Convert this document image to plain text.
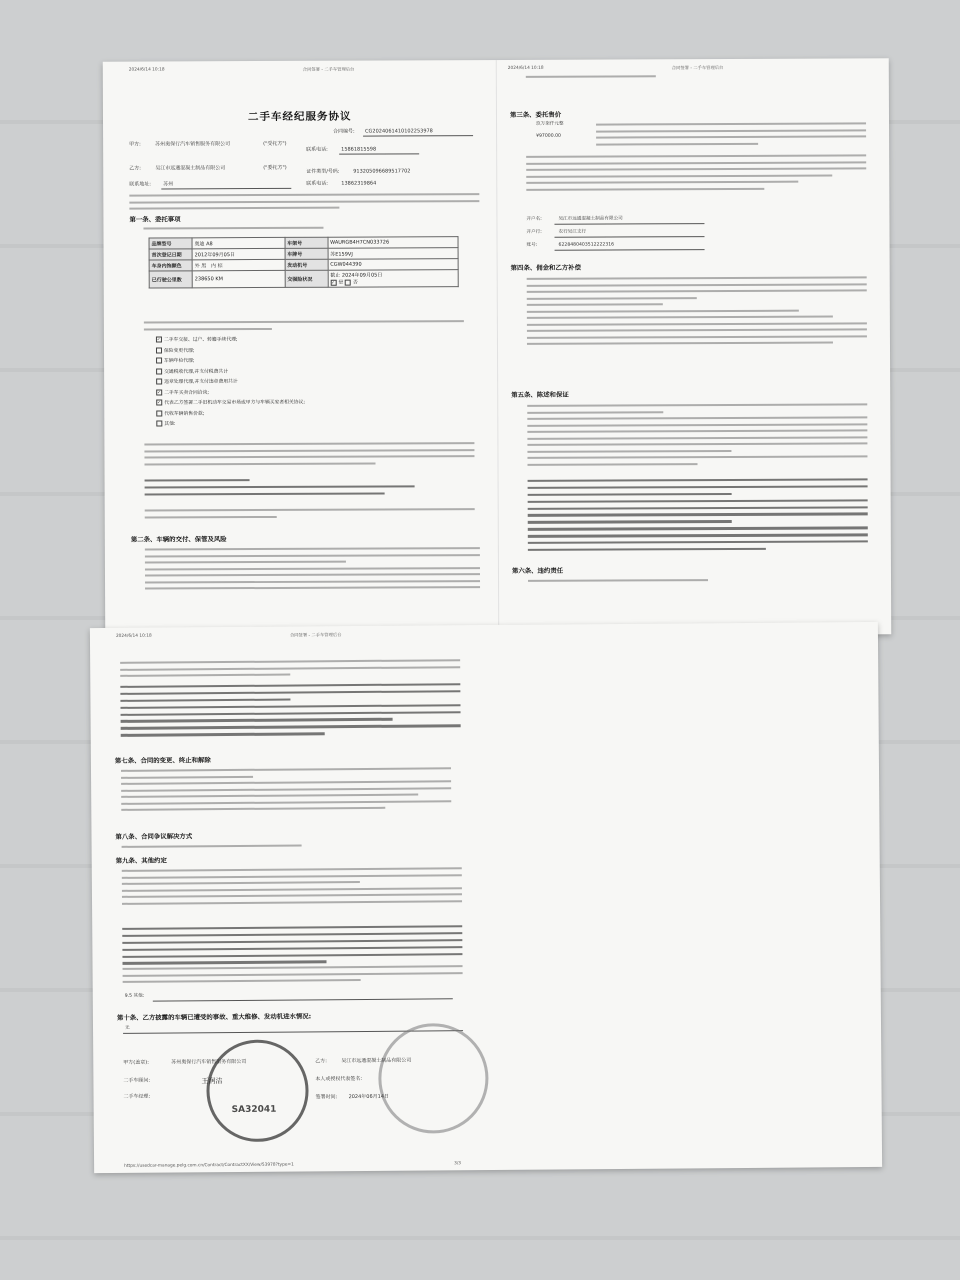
2024/6/14 10:18	合同签署 - 二手车管理后台
二手车经纪服务协议
合同编号: CG2024061410102253978
甲方:	苏州奥保行汽车销售服务有限公司	("受托方")
联系电话:	15861815598
乙方:	吴江市远通混凝土制品有限公司	("委托方")
证件类型/号码:	913205096689517702
联系地址: 苏州	联系电话:	13862319864
第一条、委托事项
品牌型号	奥迪 A8	车架号	WAURGB4H7CN033726
首次登记日期	2012年09月05日	车牌号	苏E159VJ
车身内饰颜色	外 黑 内 棕	发动机号	CGW044390
已行驶公里数	238650 KM	交强险状况	截止 2024年09月05日
✓是 否
✓二手车交接、过户、转籍手续代理;
保险变更代理;
车辆年检代理;
交通税收代理,并支付税费共计
违章处理代理,并支付违章费用共计
✓二手车买卖合同洽谈;
✓代表乙方签署二手旧机动车交易市场或甲方与车辆买家者相关协议;
代收车辆销售价款;
其他:
第二条、车辆的交付、保管及风险
2024/6/14 10:18	合同签署 - 二手车管理后台
第三条、委托售价
玖万柒仟元整
¥97000.00
开户名:	吴江市远通混凝土制品有限公司
开户行:	农行吴江支行
账号:	6228480403512222316
第四条、佣金和乙方补偿
第五条、陈述和保证
第六条、违约责任
2024/6/14 10:18	合同签署 - 二手车管理后台
第七条、合同的变更、终止和解除
第八条、合同争议解决方式
第九条、其他约定
9.5 其他:
第十条、乙方披露的车辆已遭受的事故、重大维修、发动机进水情况:
无
SA32041
甲方(盖章):	苏州奥保行汽车销售服务有限公司
二手车顾问:	王润洁
二手车经理:
乙方:	吴江市远通混凝土制品有限公司
本人或授权代表签名:
签署时间: 2024年06月14日
https://usedcar-manage.pelg.com.cn/Contract/ContractXX/View/53978?type=1	3/3
